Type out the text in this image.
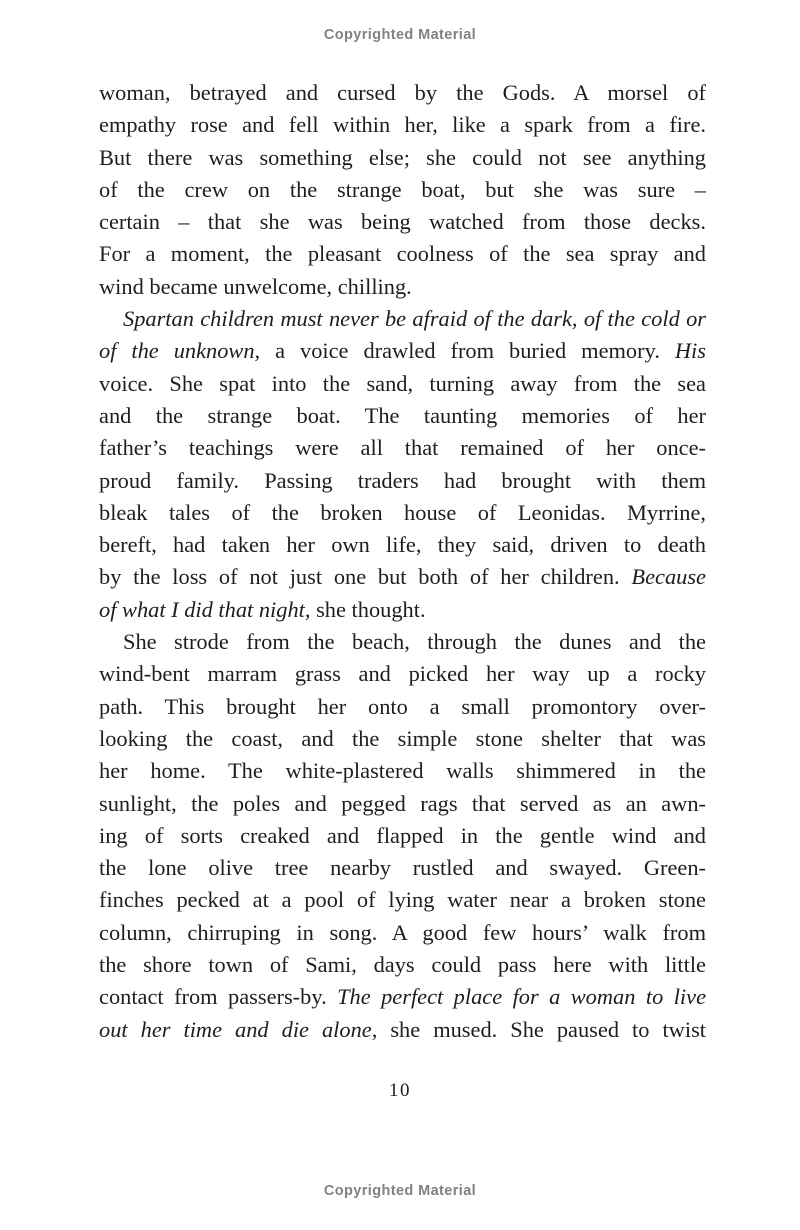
Copyrighted Material
woman, betrayed and cursed by the Gods. A morsel of
empathy rose and fell within her, like a spark from a fire.
But there was something else; she could not see anything
of the crew on the strange boat, but she was sure –
certain – that she was being watched from those decks.
For a moment, the pleasant coolness of the sea spray and
wind became unwelcome, chilling.
Spartan children must never be afraid of the dark, of the cold or
of the unknown, a voice drawled from buried memory. His
voice. She spat into the sand, turning away from the sea
and the strange boat. The taunting memories of her
father’s teachings were all that remained of her once-
proud family. Passing traders had brought with them
bleak tales of the broken house of Leonidas. Myrrine,
bereft, had taken her own life, they said, driven to death
by the loss of not just one but both of her children. Because
of what I did that night, she thought.
She strode from the beach, through the dunes and the
wind-bent marram grass and picked her way up a rocky
path. This brought her onto a small promontory over-
looking the coast, and the simple stone shelter that was
her home. The white-plastered walls shimmered in the
sunlight, the poles and pegged rags that served as an awn-
ing of sorts creaked and flapped in the gentle wind and
the lone olive tree nearby rustled and swayed. Green-
finches pecked at a pool of lying water near a broken stone
column, chirruping in song. A good few hours’ walk from
the shore town of Sami, days could pass here with little
contact from passers-by. The perfect place for a woman to live
out her time and die alone, she mused. She paused to twist
10
Copyrighted Material
